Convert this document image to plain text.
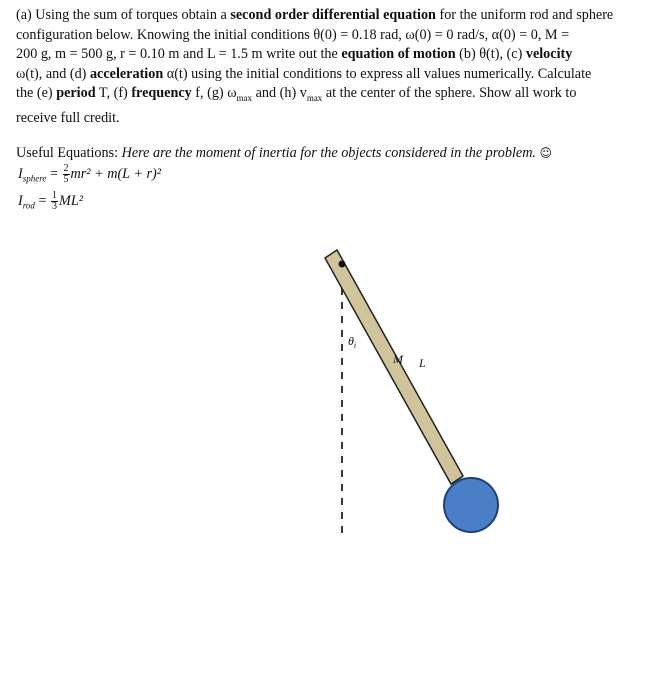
(a) Using the sum of torques obtain a second order differential equation for the uniform rod and sphere

configuration below. Knowing the initial conditions θ(0) = 0.18 rad, ω(0) = 0 rad/s, α(0) = 0, M =

200 g, m = 500 g, r = 0.10 m and L = 1.5 m write out the equation of motion (b) θ(t), (c) velocity

ω(t), and (d) acceleration α(t) using the initial conditions to express all values numerically. Calculate

the (e) period T, (f) frequency f, (g) $\omega_{max}$ and (h) $v_{max}$ at the center of the sphere. Show all work to

receive full credit.

Useful Equations: Here are the moment of inertia for the objects considered in the problem. ☺
$I_{sphere} = \frac{2}{5} mr^2 + m(L + r)^2$
$I_{rod} = \frac{1}{3} ML^2$
$\theta_i$
M L
